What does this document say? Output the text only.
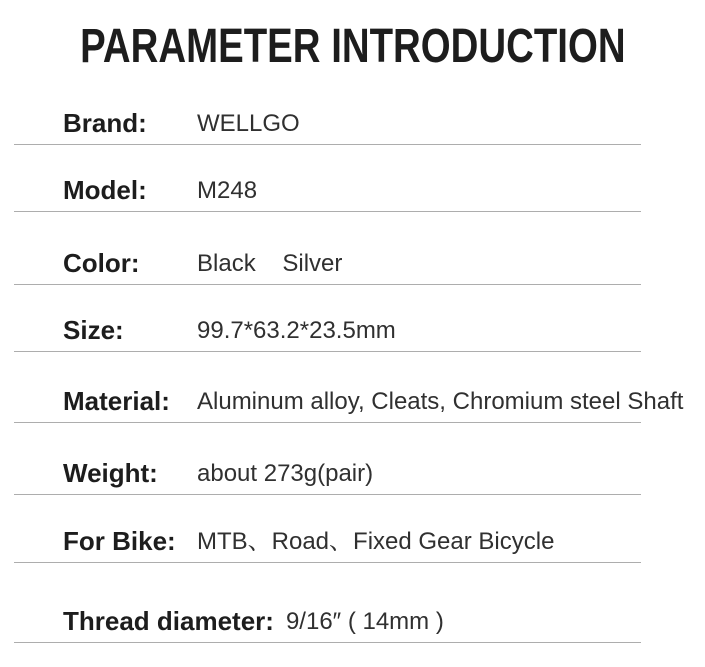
PARAMETER INTRODUCTION
Brand:	WELLGO
Model:	M248
Color:	Black    Silver
Size:	99.7*63.2*23.5mm
Material:	Aluminum alloy, Cleats, Chromium steel Shaft
Weight:	about 273g(pair)
For Bike: MTB、Road、Fixed Gear Bicycle
Thread diameter: 9/16″ ( 14mm )
